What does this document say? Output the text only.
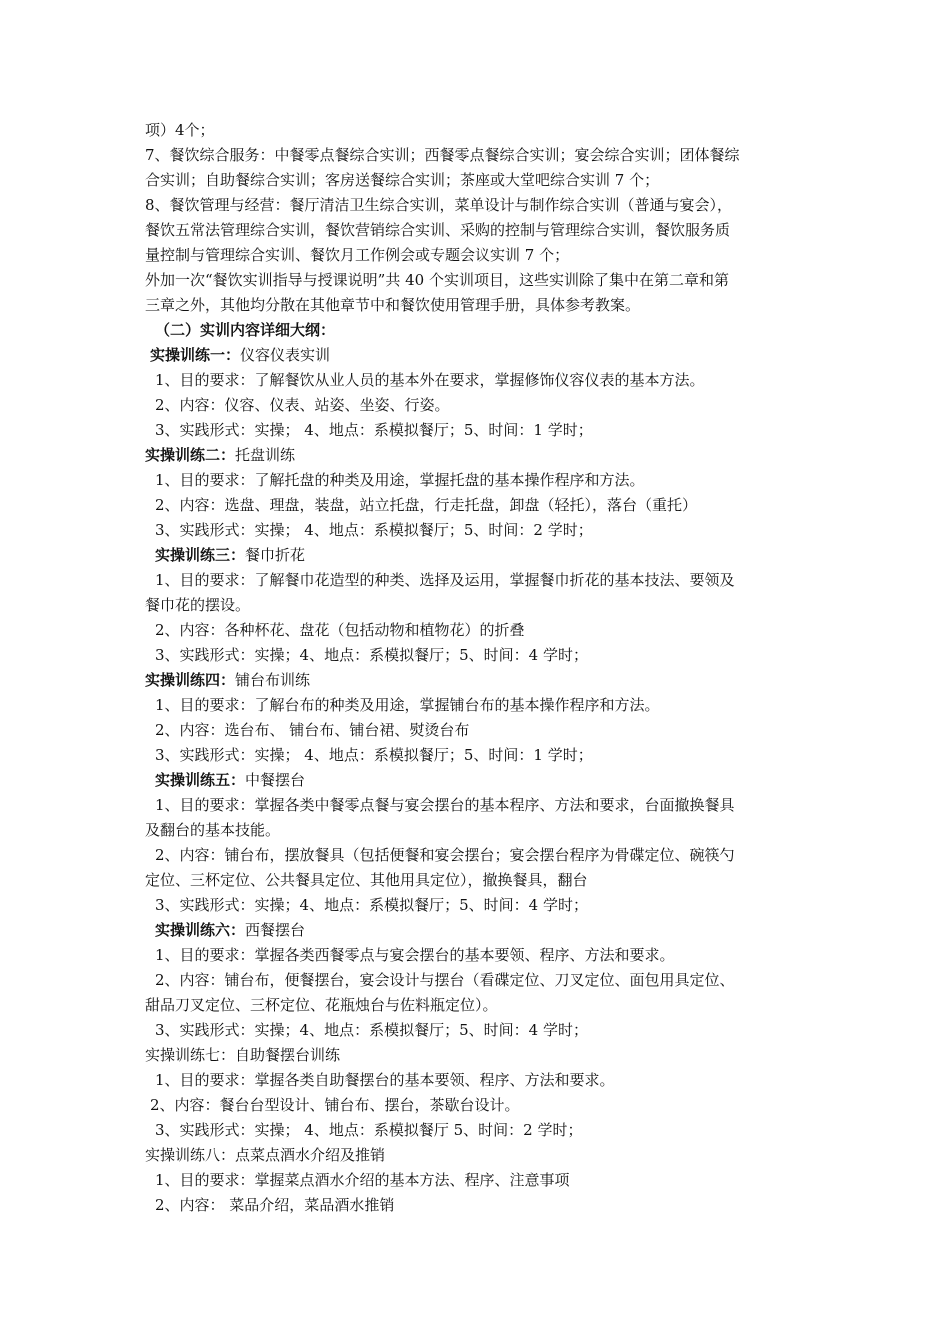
项）4个；
7、餐饮综合服务：中餐零点餐综合实训；西餐零点餐综合实训；宴会综合实训；团体餐综
合实训；自助餐综合实训；客房送餐综合实训；茶座或大堂吧综合实训 7 个；
8、餐饮管理与经营：餐厅清洁卫生综合实训，菜单设计与制作综合实训（普通与宴会），
餐饮五常法管理综合实训，餐饮营销综合实训、采购的控制与管理综合实训，餐饮服务质
量控制与管理综合实训、餐饮月工作例会或专题会议实训 7 个；
外加一次“餐饮实训指导与授课说明”共 40 个实训项目，这些实训除了集中在第二章和第
三章之外，其他均分散在其他章节中和餐饮使用管理手册，具体参考教案。
（二）实训内容详细大纲：
实操训练一：仪容仪表实训
1、目的要求：了解餐饮从业人员的基本外在要求，掌握修饰仪容仪表的基本方法。
2、内容：仪容、仪表、站姿、坐姿、行姿。
3、实践形式：实操； 4、地点：系模拟餐厅；5、时间：1 学时；
实操训练二：托盘训练
1、目的要求：了解托盘的种类及用途，掌握托盘的基本操作程序和方法。
2、内容：选盘、理盘，装盘，站立托盘，行走托盘，卸盘（轻托），落台（重托）
3、实践形式：实操； 4、地点：系模拟餐厅；5、时间：2 学时；
实操训练三：餐巾折花
1、目的要求：了解餐巾花造型的种类、选择及运用，掌握餐巾折花的基本技法、要领及
餐巾花的摆设。
2、内容：各种杯花、盘花（包括动物和植物花）的折叠
3、实践形式：实操；4、地点：系模拟餐厅；5、时间：4 学时；
实操训练四：铺台布训练
1、目的要求：了解台布的种类及用途，掌握铺台布的基本操作程序和方法。
2、内容：选台布、 铺台布、铺台裙、熨烫台布
3、实践形式：实操； 4、地点：系模拟餐厅；5、时间：1 学时；
实操训练五：中餐摆台
1、目的要求：掌握各类中餐零点餐与宴会摆台的基本程序、方法和要求，台面撤换餐具
及翻台的基本技能。
2、内容：铺台布，摆放餐具（包括便餐和宴会摆台；宴会摆台程序为骨碟定位、碗筷勺
定位、三杯定位、公共餐具定位、其他用具定位），撤换餐具，翻台
3、实践形式：实操；4、地点：系模拟餐厅；5、时间：4 学时；
实操训练六：西餐摆台
1、目的要求：掌握各类西餐零点与宴会摆台的基本要领、程序、方法和要求。
2、内容：铺台布，便餐摆台，宴会设计与摆台（看碟定位、刀叉定位、面包用具定位、
甜品刀叉定位、三杯定位、花瓶烛台与佐料瓶定位）。
3、实践形式：实操；4、地点：系模拟餐厅；5、时间：4 学时；
实操训练七：自助餐摆台训练
1、目的要求：掌握各类自助餐摆台的基本要领、程序、方法和要求。
2、内容：餐台台型设计、铺台布、摆台，茶歇台设计。
3、实践形式：实操； 4、地点：系模拟餐厅 5、时间：2 学时；
实操训练八：点菜点酒水介绍及推销
1、目的要求：掌握菜点酒水介绍的基本方法、程序、注意事项
2、内容： 菜品介绍，菜品酒水推销
